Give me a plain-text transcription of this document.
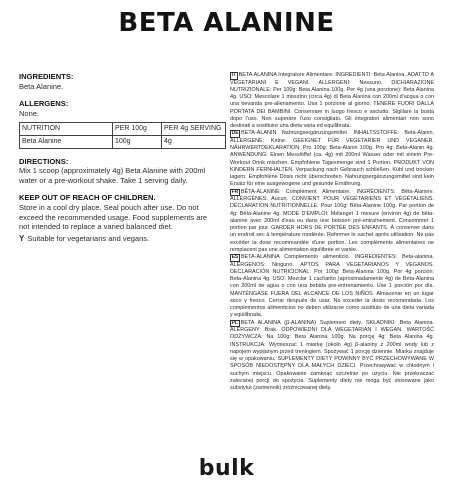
BETA ALANINE
INGREDIENTS:
Beta Alanine.
ALLERGENS:
None.
NUTRITION	PER 100g	PER 4g SERVING
Beta Alanine	100g	4g
DIRECTIONS:
Mix 1 scoop (approximately 4g) Beta Alanine with 200ml water or a pre-workout shake. Take 1 serving daily.
KEEP OUT OF REACH OF CHILDREN.
Store in a cool dry place. Seal pouch after use. Do not exceed the recommended usage. Food supplements are not intended to replace a varied balanced diet.
Y Suitable for vegetarians and vegans.
IT BETA ALANINA Integratore Alimentare. INGREDIENTI: Beta Alanina. ADATTO A VEGETARIANI E VEGANI. ALLERGENI: Nessuno. DICHIARAZIONE NUTRIZIONALE: Per 100g: Beta Alanina 100g. Per 4g (una porzione): Beta Alanina 4g. USO: Mescolare 1 misurino (circa 4g) di Beta Alanina con 200ml d'acqua o con una bevanda pre-allenamento. Usa 1 porzione al giorno. TENERE FUORI DALLA PORTATA DEI BAMBINI. Conservare in luogo fresco e asciutto. Sigillare la busta dopo l'uso. Non superare l'uso consigliato. Gli integratori alimentari non sono destinati a sostituire una dieta varia ed equilibrata.
DE BETA-ALANIN Nahrungsergänzungsmittel. INHALTSSTOFFE: Beta-Alanin. ALLERGENE: Keine. GEEIGNET FÜR VEGETARIER UND VEGANER. NÄHRWERTDEKLARATION: Pro 100g: Beta-Alanin 100g. Pro 4g: Beta-Alanin 4g. ANWENDUNG: Einen Messlöffel (ca. 4g) mit 200ml Wasser oder mit einem Pre-Workout Drink mischen. Empfohlene Tagesmenge sind 1 Portion. PRODUKT VON KINDERN FERNHALTEN. Verpackung nach Gebrauch schließen. Kühl und trocken lagern. Empfohlene Dosis nicht überschreiten. Nahrungsergänzungsmittel sind kein Ersatz für eine ausgewogene und gesunde Ernährung.
FR BÊTA-ALANINE Complément Alimentaire. INGRÉDIENTS: Bêta-Alanine. ALLERGÈNES: Aucun. CONVIENT POUR VÉGÉTARIENS ET VÉGÉTALIENS. DÉCLARATION NUTRITIONNELLE: Pour 100g: Bêta-Alanine 100g. Par portion de 4g: Bêta-Alanine 4g. MODE D'EMPLOI: Mélanger 1 mesure (environ 4g) de bêta-alanine avec 200ml d'eau ou dans une boisson pré-entraînement. Consommer 1 portion par jour. GARDER HORS DE PORTÉE DES ENFANTS. À conserver dans un endroit sec à température modérée. Refermer le sachet après utilisation. Ne pas excéder la dose recommandée d'une portion. Les compléments alimentaires ne remplacent pas une alimentation équilibrée et variée.
ES BETA-ALANINA Complemento alimenticio. INGREDIENTES: Beta-alanina. ALÉRGENOS: Ninguno. APTOS PARA VEGETARIANOS Y VEGANOS. DECLARACIÓN NUTRICIONAL: Por 100g: Beta-Alanina 100g. Por 4g porción: Beta-Alanina 4g. USO: Mezclar 1 cacharito (aproximadamente 4g) de Beta-Alanina con 200ml de agua o con una bebida pre-entrenamiento. Use 1 porción por día. MANTÉNGASE FUERA DEL ALCANCE DE LOS NIÑOS. Almacenar en un lugar seco y fresco. Cerrar después de usar. No exceder la dosis recomendada. Los complementos alimenticios no deben utilizarse como sustituto de una dieta variada y equilibrada.
PL BETA ALANINA (β-ALANINA) Suplement diety. SKŁADNIKI: Beta Alanina. ALERGENY: Brak. ODPOWIEDNI DLA WEGETARIAN I WEGAN. WARTOŚĆ ODŻYWCZA: Na 100g: Beta Alanina 100g. Na porcję 4g: Beta Alanina 4g. INSTRUKCJA: Wymieszać 1 miarkę (około 4g) β-alaniny z 200ml wody lub z napojem wypijanym przed treningiem. Spożywać 1 porcję dziennie. Miarka znajduje się w opakowaniu. SUPLEMENTY DIETY POWINNY BYĆ PRZECHOWYWANE W SPOSÓB NIEDOSTĘPNY DLA MAŁYCH DZIECI. Przechowywać w chłodnym i suchym miejscu. Opakowanie zamknąć szczelnie po użyciu. Nie przekraczać zalecanej porcji do spożycia. Suplementy diety nie mogą być stosowane jako substytut (zamiennik) zróżnicowanej diety.
bulk
